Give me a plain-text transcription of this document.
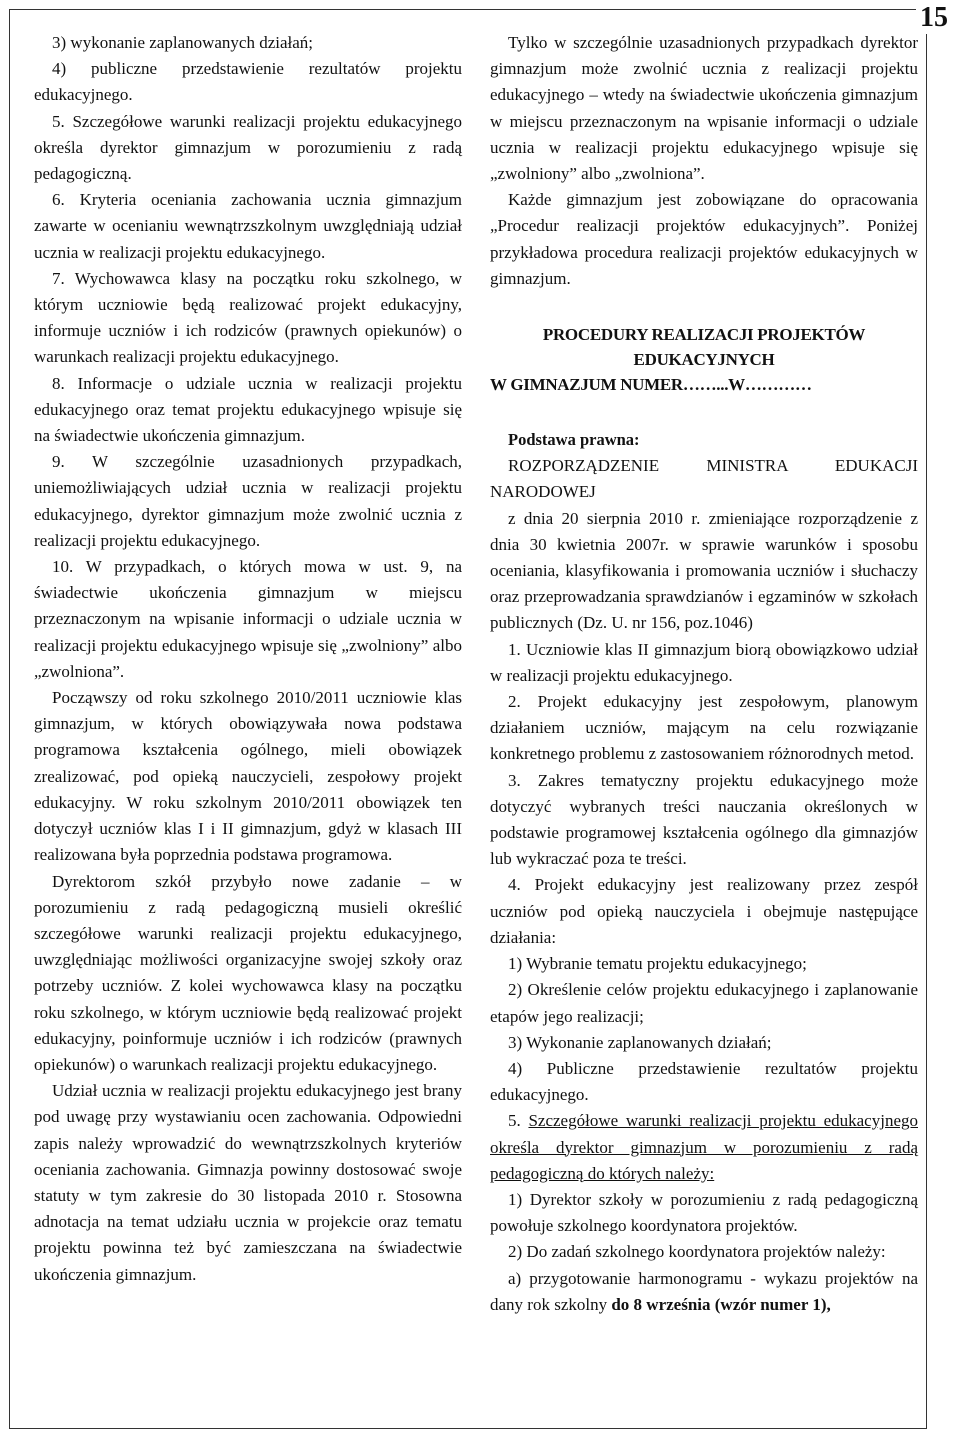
15

3) wykonanie zaplanowanych działań;

4) publiczne przedstawienie rezultatów projektu edukacyjnego.

5. Szczegółowe warunki realizacji projektu edukacyjnego określa dyrektor gimnazjum w porozumieniu z radą pedagogiczną.

6. Kryteria oceniania zachowania ucznia gimnazjum zawarte w ocenianiu wewnątrzszkolnym uwzględniają udział ucznia w realizacji projektu edukacyjnego.

7. Wychowawca klasy na początku roku szkolnego, w którym uczniowie będą realizować projekt edukacyjny, informuje uczniów i ich rodziców (prawnych opiekunów) o warunkach realizacji projektu edukacyjnego.

8. Informacje o udziale ucznia w realizacji projektu edukacyjnego oraz temat projektu edukacyjnego wpisuje się na świadectwie ukończenia gimnazjum.

9. W szczególnie uzasadnionych przypadkach, uniemożliwiających udział ucznia w realizacji projektu edukacyjnego, dyrektor gimnazjum może zwolnić ucznia z realizacji projektu edukacyjnego.

10. W przypadkach, o których mowa w ust. 9, na świadectwie ukończenia gimnazjum w miejscu przeznaczonym na wpisanie informacji o udziale ucznia w realizacji projektu edukacyjnego wpisuje się „zwolniony” albo „zwolniona”.

Począwszy od roku szkolnego 2010/2011 uczniowie klas gimnazjum, w których obowiązywała nowa podstawa programowa kształcenia ogólnego, mieli obowiązek zrealizować, pod opieką nauczycieli, zespołowy projekt edukacyjny. W roku szkolnym 2010/2011 obowiązek ten dotyczył uczniów klas I i II gimnazjum, gdyż w klasach III realizowana była poprzednia podstawa programowa.

Dyrektorom szkół przybyło nowe zadanie – w porozumieniu z radą pedagogiczną musieli określić szczegółowe warunki realizacji projektu edukacyjnego, uwzględniając możliwości organizacyjne swojej szkoły oraz potrzeby uczniów. Z kolei wychowawca klasy na początku roku szkolnego, w którym uczniowie będą realizować projekt edukacyjny, poinformuje uczniów i ich rodziców (prawnych opiekunów) o warunkach realizacji projektu edukacyjnego.

Udział ucznia w realizacji projektu edukacyjnego jest brany pod uwagę przy wystawianiu ocen zachowania. Odpowiedni zapis należy wprowadzić do wewnątrzszkolnych kryteriów oceniania zachowania. Gimnazja powinny dostosować swoje statuty w tym zakresie do 30 listopada 2010 r. Stosowna adnotacja na temat udziału ucznia w projekcie oraz tematu projektu powinna też być zamieszczana na świadectwie ukończenia gimnazjum.

Tylko w szczególnie uzasadnionych przypadkach dyrektor gimnazjum może zwolnić ucznia z realizacji projektu edukacyjnego – wtedy na świadectwie ukończenia gimnazjum w miejscu przeznaczonym na wpisanie informacji o udziale ucznia w realizacji projektu edukacyjnego wpisuje się „zwolniony” albo „zwolniona”.

Każde gimnazjum jest zobowiązane do opracowania „Procedur realizacji projektów edukacyjnych”. Poniżej przykładowa procedura realizacji projektów edukacyjnych w gimnazjum.

PROCEDURY REALIZACJI PROJEKTÓW
EDUKACYJNYCH
W GIMNAZJUM NUMER……...W…………

Podstawa prawna:

ROZPORZĄDZENIE MINISTRA EDUKACJI NARODOWEJ

z dnia 20 sierpnia 2010 r. zmieniające rozporządzenie z dnia 30 kwietnia 2007r. w sprawie warunków i sposobu oceniania, klasyfikowania i promowania uczniów i słuchaczy oraz przeprowadzania sprawdzianów i egzaminów w szkołach publicznych (Dz. U. nr 156, poz.1046)

1. Uczniowie klas II gimnazjum biorą obowiązkowo udział w realizacji projektu edukacyjnego.

2. Projekt edukacyjny jest zespołowym, planowym działaniem uczniów, mającym na celu rozwiązanie konkretnego problemu z zastosowaniem różnorodnych metod.

3. Zakres tematyczny projektu edukacyjnego może dotyczyć wybranych treści nauczania określonych w podstawie programowej kształcenia ogólnego dla gimnazjów lub wykraczać poza te treści.

4. Projekt edukacyjny jest realizowany przez zespół uczniów pod opieką nauczyciela i obejmuje następujące działania:

1) Wybranie tematu projektu edukacyjnego;

2) Określenie celów projektu edukacyjnego i zaplanowanie etapów jego realizacji;

3) Wykonanie zaplanowanych działań;

4) Publiczne przedstawienie rezultatów projektu edukacyjnego.

5. Szczegółowe warunki realizacji projektu edukacyjnego określa dyrektor gimnazjum w porozumieniu z radą pedagogiczną do których należy:

1) Dyrektor szkoły w porozumieniu z radą pedagogiczną powołuje szkolnego koordynatora projektów.

2) Do zadań szkolnego koordynatora projektów należy:

a) przygotowanie harmonogramu - wykazu projektów na dany rok szkolny do 8 września (wzór numer 1),
